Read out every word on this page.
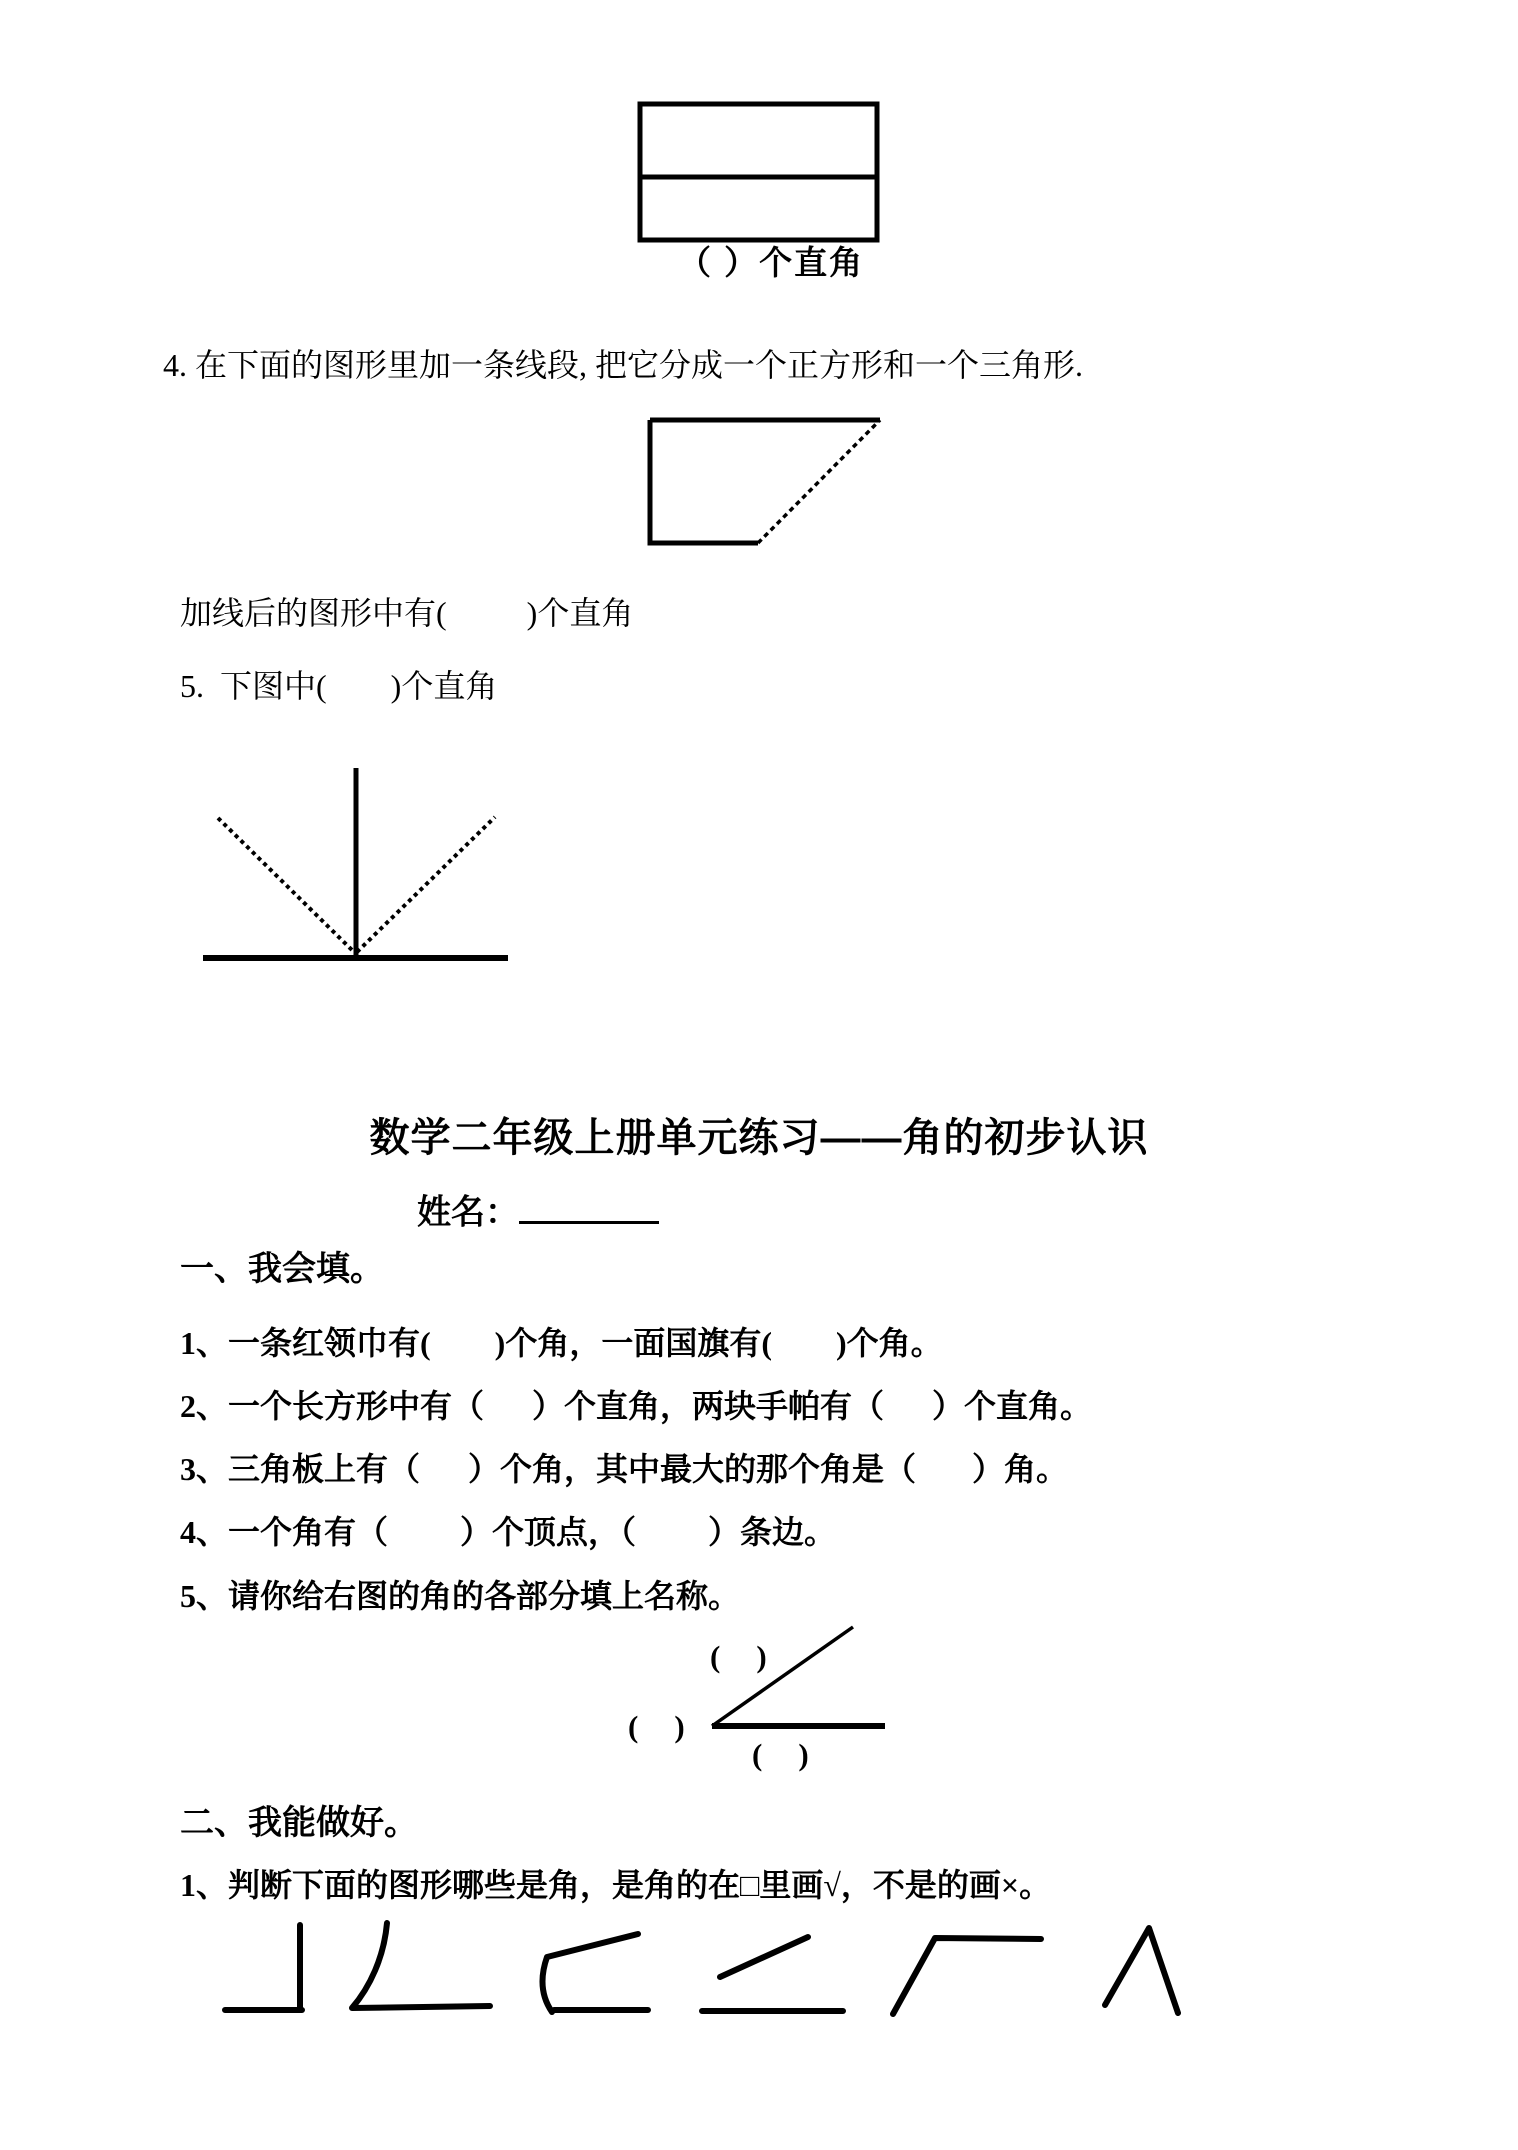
（ ）个直角
4. 在下面的图形里加一条线段, 把它分成一个正方形和一个三角形.
加线后的图形中有(          )个直角
5.  下图中(        )个直角
数学二年级上册单元练习——角的初步认识
姓名：
一、我会填。
1、一条红领巾有(        )个角，一面国旗有(        )个角。
2、一个长方形中有（      ）个直角，两块手帕有（      ）个直角。
3、三角板上有（      ）个角，其中最大的那个角是（       ）角。
4、一个角有（         ）个顶点，（         ）条边。
5、请你给右图的角的各部分填上名称。
(    )
(    )
(    )
二、我能做好。
1、判断下面的图形哪些是角，是角的在□里画√，不是的画×。
